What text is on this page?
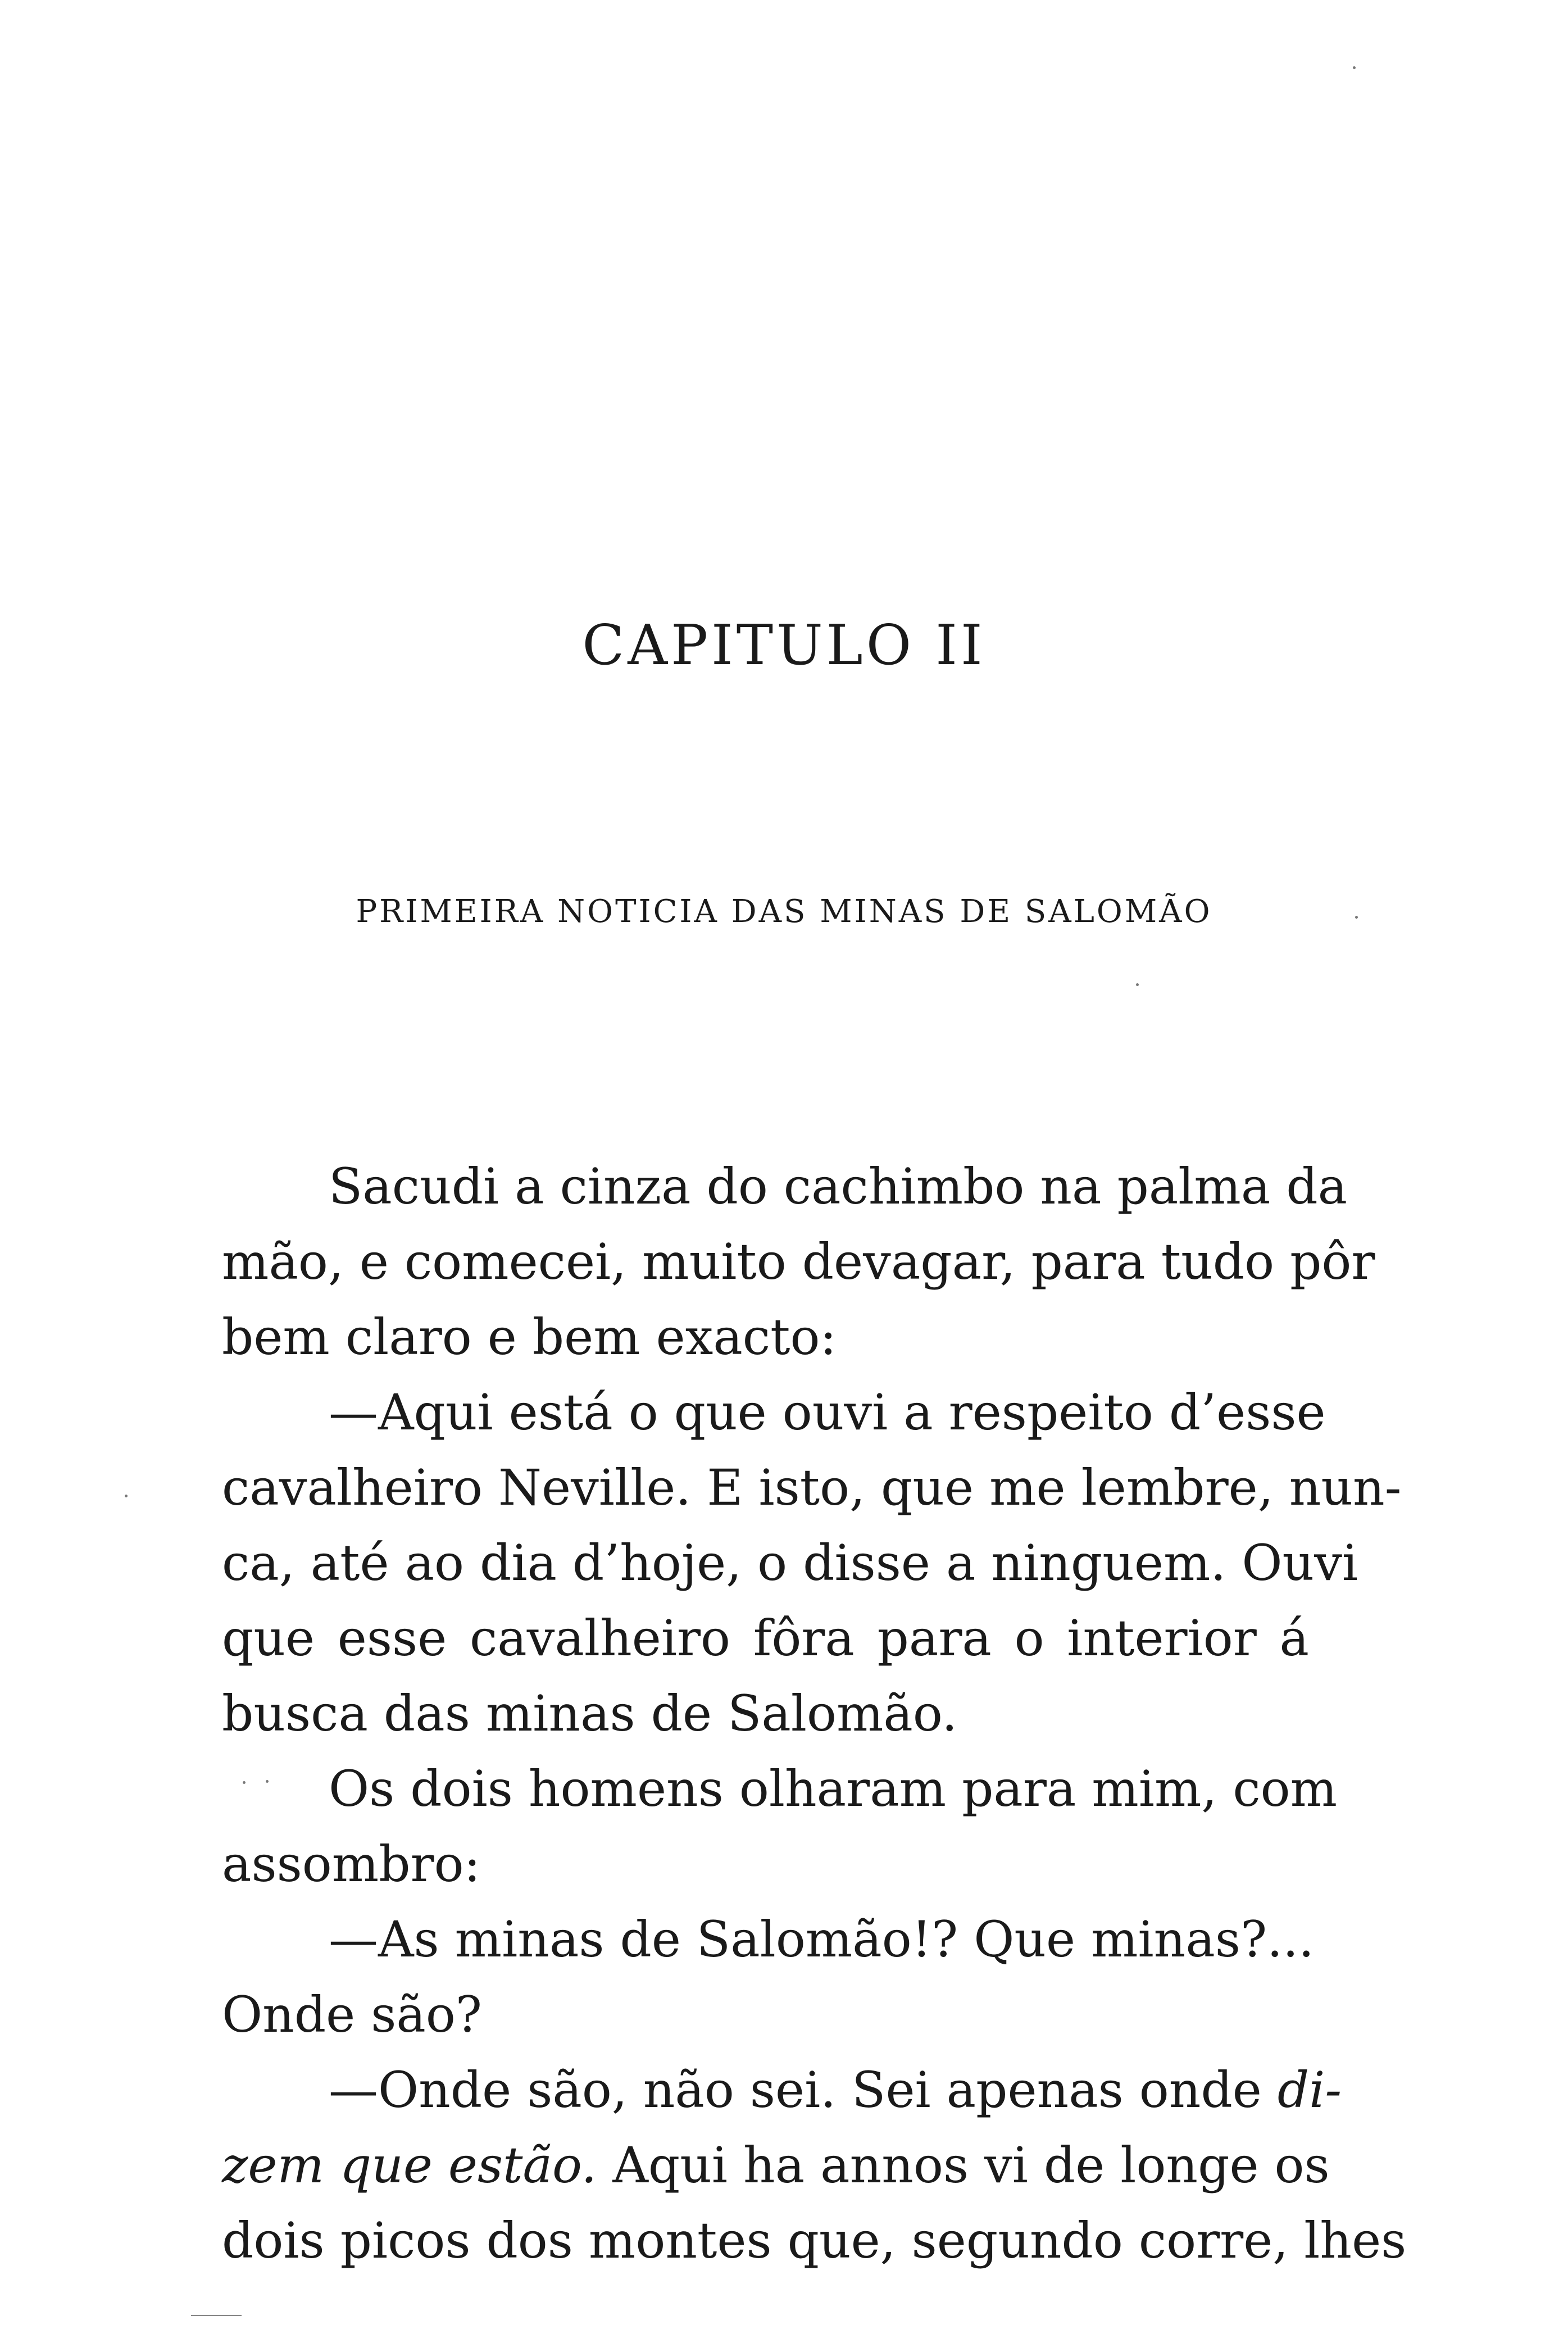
CAPITULO II
PRIMEIRA NOTICIA DAS MINAS DE SALOMÃO
Sacudi a cinza do cachimbo na palma da
mão, e comecei, muito devagar, para tudo pôr
bem claro e bem exacto:
—Aqui está o que ouvi a respeito d’esse
cavalheiro Neville. E isto, que me lembre, nun-
ca, até ao dia d’hoje, o disse a ninguem. Ouvi
que esse cavalheiro fôra para o interior á
busca das minas de Salomão.
Os dois homens olharam para mim, com
assombro:
—As minas de Salomão!? Que minas?...
Onde são?
—Onde são, não sei. Sei apenas onde di-
zem que estão. Aqui ha annos vi de longe os
dois picos dos montes que, segundo corre, lhes
